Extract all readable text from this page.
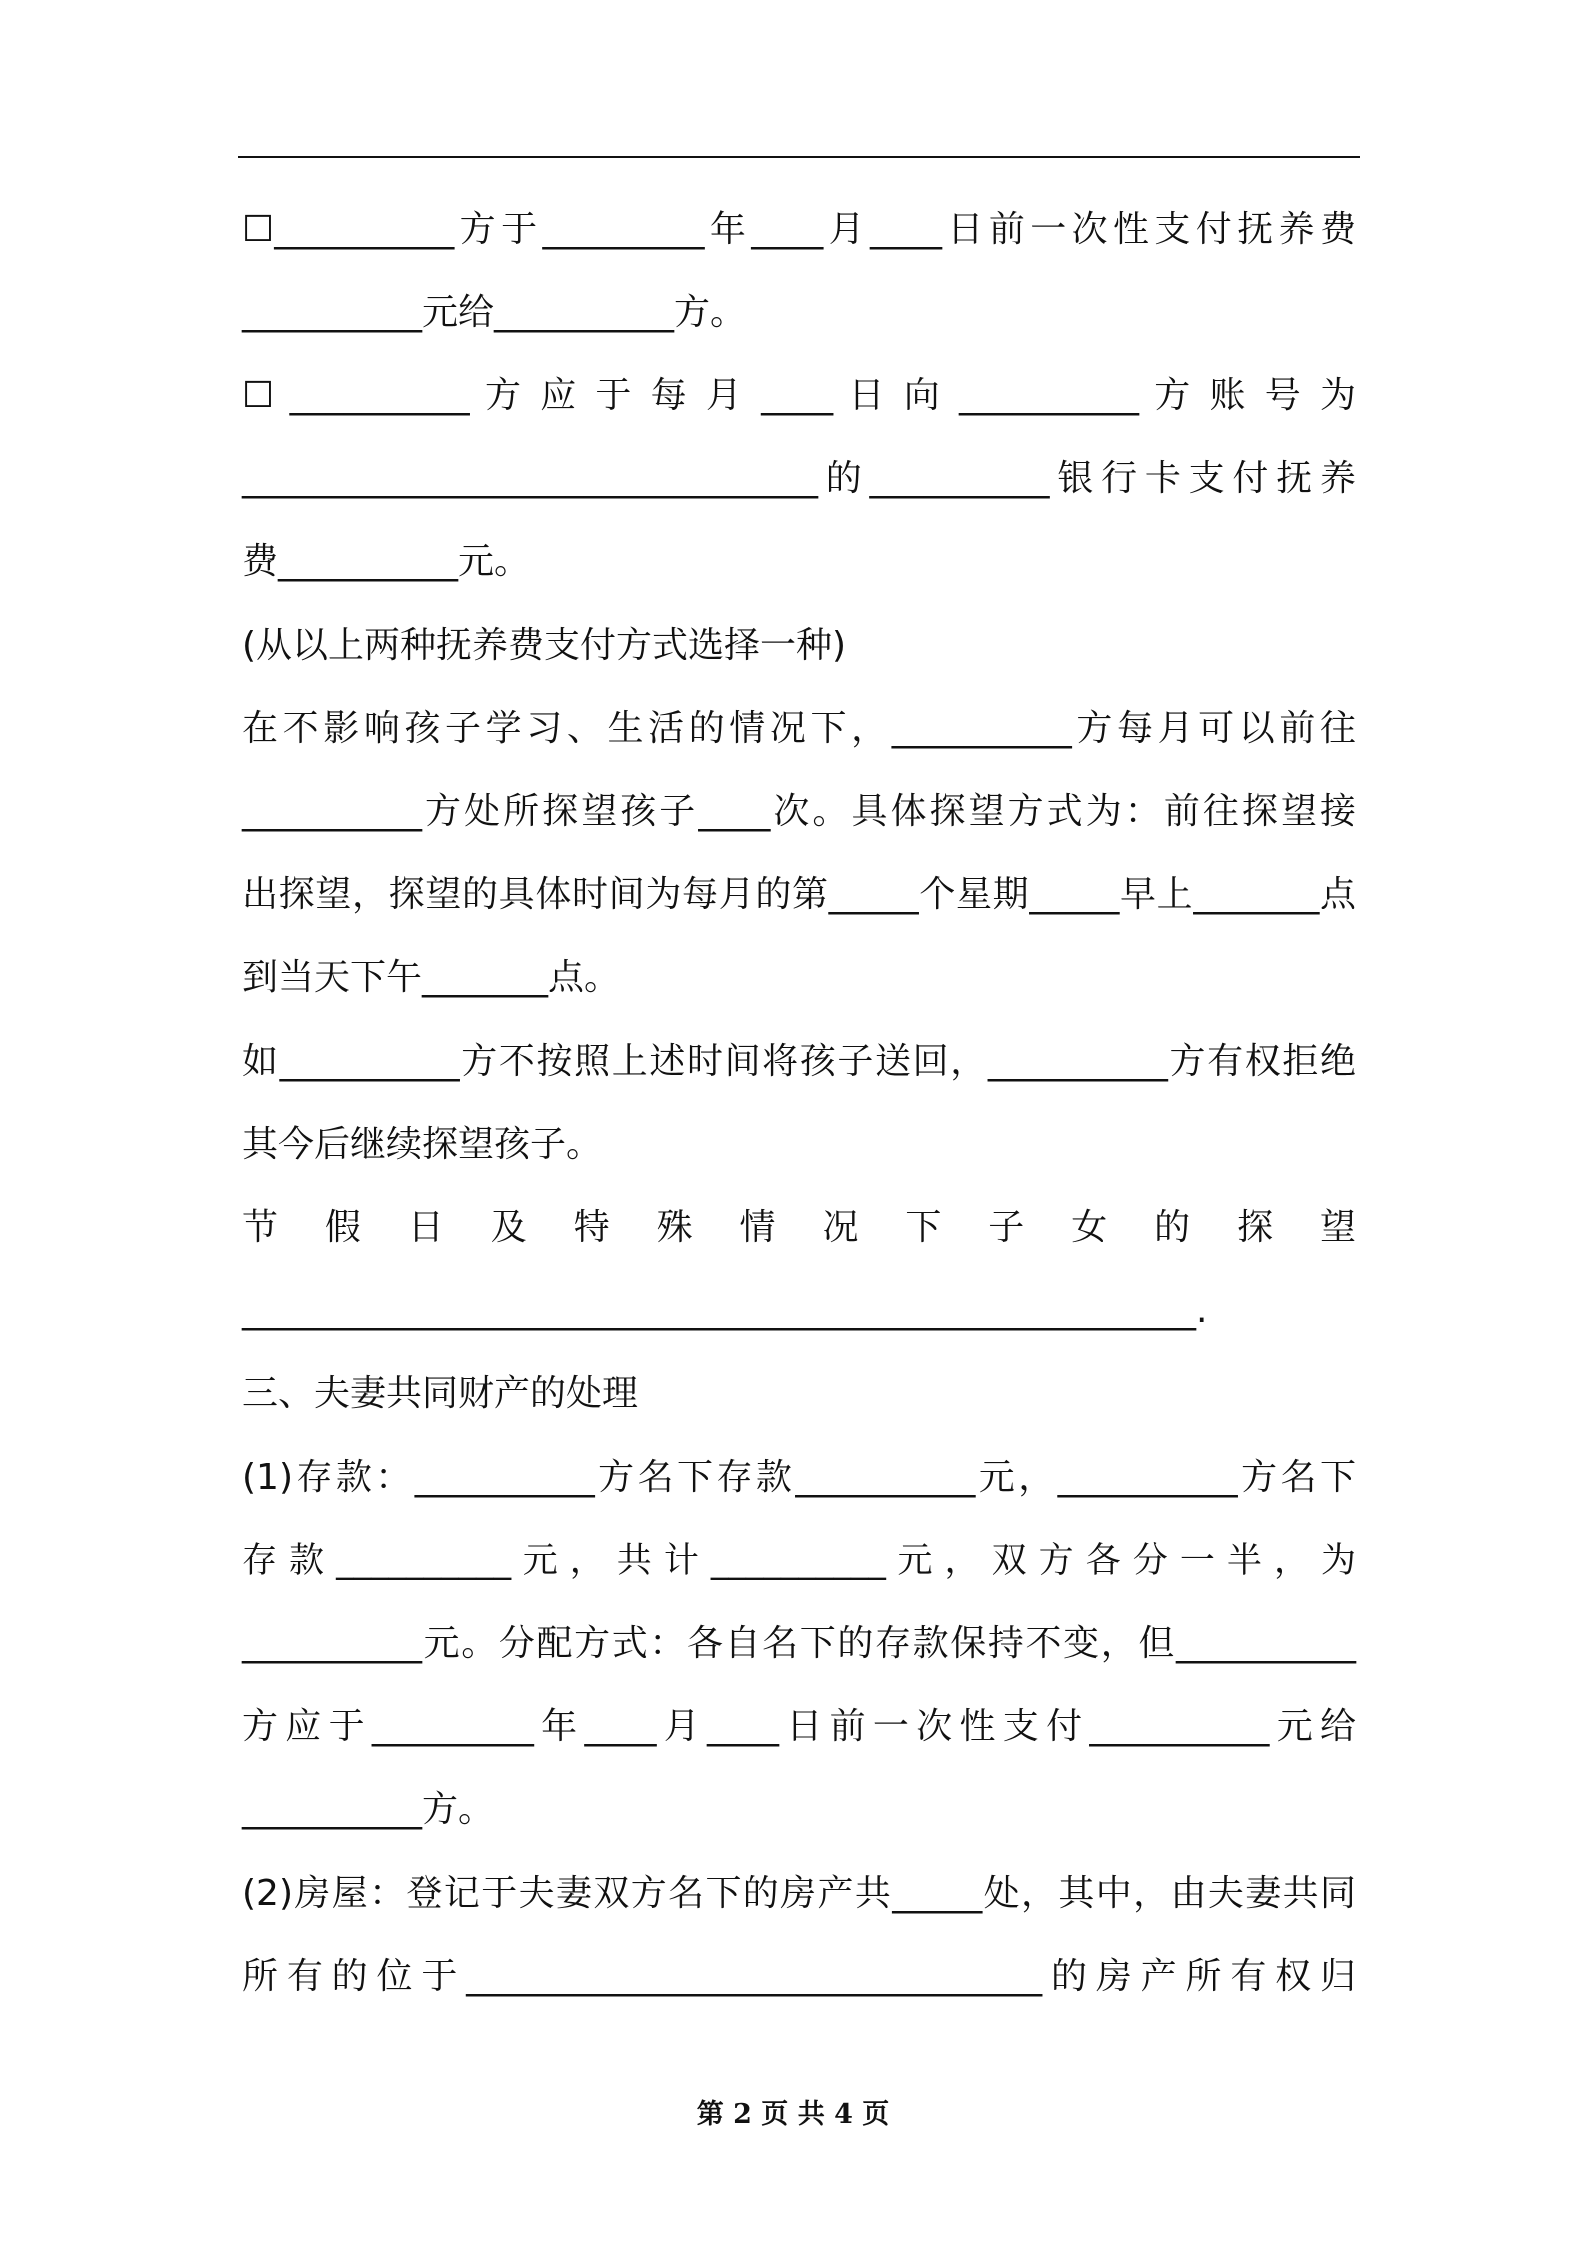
☐__________方于_________年____月____日前一次性支付抚养费
__________元给__________方。
☐ __________ 方 应 于 每 月 ____ 日 向 __________ 方 账 号 为
________________________________的__________银行卡支付抚养
费__________元。
(从以上两种抚养费支付方式选择一种)
在不影响孩子学习、生活的情况下，__________方每月可以前往
__________方处所探望孩子____次。具体探望方式为：前往探望接
出探望，探望的具体时间为每月的第_____个星期_____早上_______点
到当天下午_______点。
如__________方不按照上述时间将孩子送回，__________方有权拒绝
其今后继续探望孩子。
节 假 日 及 特 殊 情 况 下 子 女 的 探 望
_____________________________________________________.
三、夫妻共同财产的处理
(1)存款：__________方名下存款__________元，__________方名下
存 款 __________ 元 ， 共 计 __________ 元 ， 双 方 各 分 一 半 ， 为
__________元。分配方式：各自名下的存款保持不变，但__________
方应于_________年____月____日前一次性支付__________元给
__________方。
(2)房屋：登记于夫妻双方名下的房产共_____处，其中，由夫妻共同
所有的位于________________________________的房产所有权归
第 2 页 共 4 页
